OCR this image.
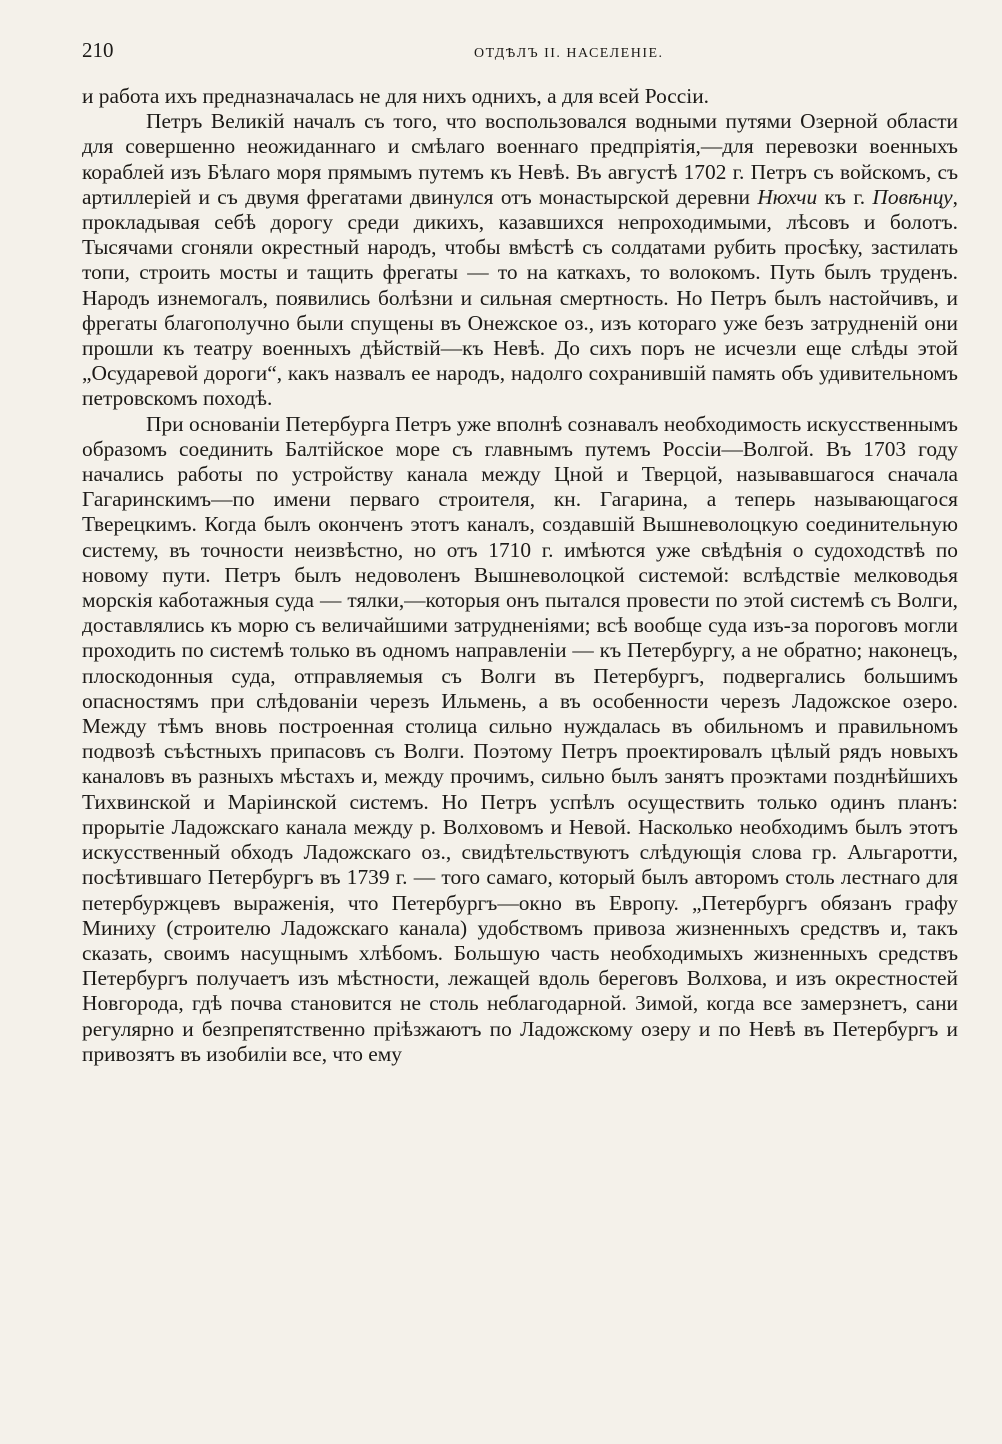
210	ОТДѢЛЪ II. НАСЕЛЕНІЕ.

и работа ихъ предназначалась не для нихъ однихъ, а для всей Россіи.

Петръ Великій началъ съ того, что воспользовался водными путями Озерной области для совершенно неожиданнаго и смѣлаго военнаго предпріятія,—для перевозки военныхъ кораблей изъ Бѣлаго моря прямымъ путемъ къ Невѣ. Въ августѣ 1702 г. Петръ съ войскомъ, съ артиллеріей и съ двумя фрегатами двинулся отъ монастырской деревни Нюхчи къ г. Повѣнцу, прокладывая себѣ дорогу среди дикихъ, казавшихся непроходимыми, лѣсовъ и болотъ. Тысячами сгоняли окрестный народъ, чтобы вмѣстѣ съ солдатами рубить просѣку, застилать топи, строить мосты и тащить фрегаты — то на каткахъ, то волокомъ. Путь былъ труденъ. Народъ изнемогалъ, появились болѣзни и сильная смертность. Но Петръ былъ настойчивъ, и фрегаты благополучно были спущены въ Онежское оз., изъ котораго уже безъ затрудненій они прошли къ театру военныхъ дѣйствій—къ Невѣ. До сихъ поръ не исчезли еще слѣды этой „Осударевой дороги“, какъ назвалъ ее народъ, надолго сохранившій память объ удивительномъ петровскомъ походѣ.

При основаніи Петербурга Петръ уже вполнѣ сознавалъ необходимость искусственнымъ образомъ соединить Балтійское море съ главнымъ путемъ Россіи—Волгой. Въ 1703 году начались работы по устройству канала между Цной и Тверцой, называвшагося сначала Гагаринскимъ—по имени перваго строителя, кн. Гагарина, а теперь называющагося Тверецкимъ. Когда былъ оконченъ этотъ каналъ, создавшій Вышневолоцкую соединительную систему, въ точности неизвѣстно, но отъ 1710 г. имѣются уже свѣдѣнія о судоходствѣ по новому пути. Петръ былъ недоволенъ Вышневолоцкой системой: вслѣдствіе мелководья морскія каботажныя суда — тялки,—которыя онъ пытался провести по этой системѣ съ Волги, доставлялись къ морю съ величайшими затрудненіями; всѣ вообще суда изъ-за пороговъ могли проходить по системѣ только въ одномъ направленіи — къ Петербургу, а не обратно; наконецъ, плоскодонныя суда, отправляемыя съ Волги въ Петербургъ, подвергались большимъ опасностямъ при слѣдованіи черезъ Ильмень, а въ особенности черезъ Ладожское озеро. Между тѣмъ вновь построенная столица сильно нуждалась въ обильномъ и правильномъ подвозѣ съѣстныхъ припасовъ съ Волги. Поэтому Петръ проектировалъ цѣлый рядъ новыхъ каналовъ въ разныхъ мѣстахъ и, между прочимъ, сильно былъ занятъ проэктами позднѣйшихъ Тихвинской и Маріинской системъ. Но Петръ успѣлъ осуществить только одинъ планъ: прорытіе Ладожскаго канала между р. Волховомъ и Невой. Насколько необходимъ былъ этотъ искусственный обходъ Ладожскаго оз., свидѣтельствуютъ слѣдующія слова гр. Альгаротти, посѣтившаго Петербургъ въ 1739 г. — того самаго, который былъ авторомъ столь лестнаго для петербуржцевъ выраженія, что Петербургъ—окно въ Европу. „Петербургъ обязанъ графу Миниху (строителю Ладожскаго канала) удобствомъ привоза жизненныхъ средствъ и, такъ сказать, своимъ насущнымъ хлѣбомъ. Большую часть необходимыхъ жизненныхъ средствъ Петербургъ получаетъ изъ мѣстности, лежащей вдоль береговъ Волхова, и изъ окрестностей Новгорода, гдѣ почва становится не столь неблагодарной. Зимой, когда все замерзнетъ, сани регулярно и безпрепятственно пріѣзжаютъ по Ладожскому озеру и по Невѣ въ Петербургъ и привозятъ въ изобиліи все, что ему
